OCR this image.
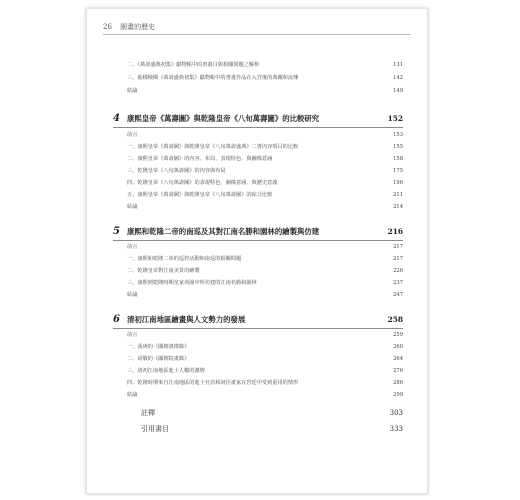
26 園畫的歷史
二、《萬壽盛典初集》獻物帳中的書畫目與相關問題之解析	131
三、抽樣檢閱《萬壽盛典初集》獻物帳中的書畫作品在入宮後的典藏和流傳	142
結論	149
4 康熙皇帝《萬壽圖》與乾隆皇帝《八旬萬壽圖》的比較研究	152
前言	153
一、康熙皇帝《萬壽圖》與乾隆皇帝《八旬萬壽盛典》二書內容項目的比較	155
二、康熙皇帝《萬壽圖》的內容、布局、表現特色、與圖像意涵	158
三、乾隆皇帝《八旬萬壽圖》的內容與布局	175
四、乾隆皇帝《八旬萬壽圖》的表現特色、圖像意涵、與歷史意義	196
五、康熙皇帝《萬壽圖》與乾隆皇帝《八旬萬壽圖》的綜合比較	211
結論	214
5 康熙和乾隆二帝的南巡及其對江南名勝和園林的繪製與仿建	216
前言	217
一、康熙和乾隆二帝的巡狩活動和南巡的相關問題	217
二、乾隆皇帝對江南美景的繪製	226
三、康熙到乾隆時期皇家苑園中所仿建的江南名勝和園林	237
結論	247
6 清初江南地區繪畫與人文勢力的發展	258
前言	259
一、張庚的《國朝畫徵錄》	260
二、胡敬的《國朝院畫錄》	264
三、清初江南地區進士人數的激增	276
四、乾隆時期來自江南地區的進士官員和詞臣畫家在宮廷中受到重用的情形	286
結論	299
註釋	303
引用書目	333
